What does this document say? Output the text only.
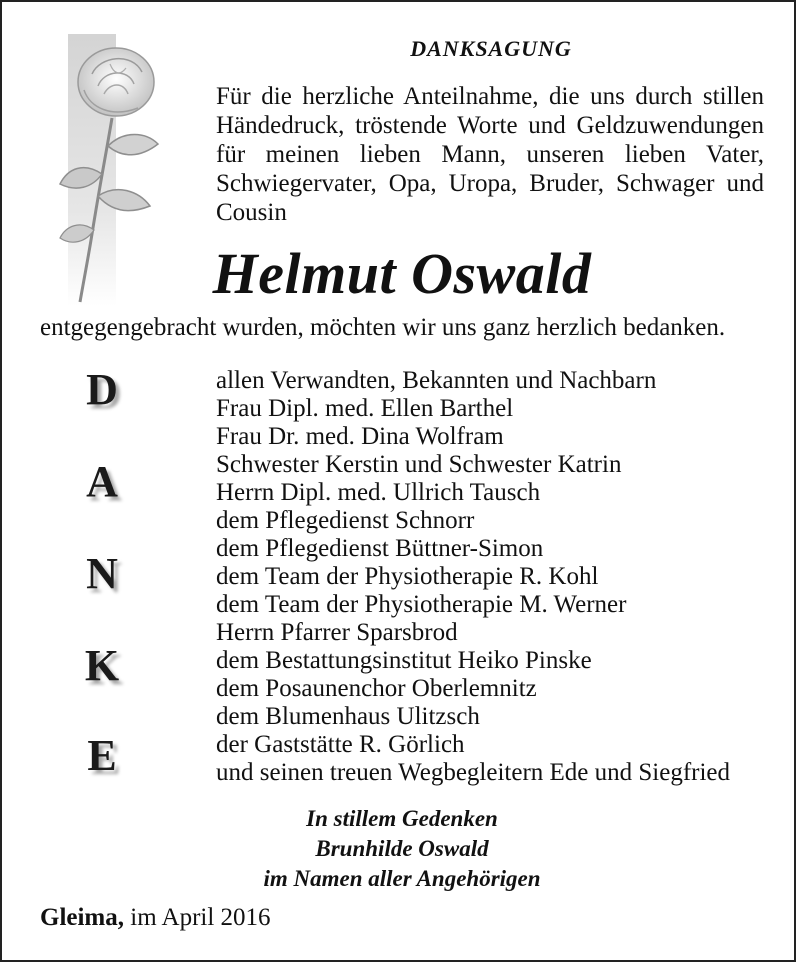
DANKSAGUNG
Für die herzliche Anteilnahme, die uns durch stillen Händedruck, tröstende Worte und Geldzuwendungen für meinen lieben Mann, unseren lieben Vater, Schwiegervater, Opa, Uropa, Bruder, Schwager und Cousin
Helmut Oswald
entgegengebracht wurden, möchten wir uns ganz herzlich bedanken.
D
A
N
K
E
allen Verwandten, Bekannten und Nachbarn
Frau Dipl. med. Ellen Barthel
Frau Dr. med. Dina Wolfram
Schwester Kerstin und Schwester Katrin
Herrn Dipl. med. Ullrich Tausch
dem Pflegedienst Schnorr
dem Pflegedienst Büttner-Simon
dem Team der Physiotherapie R. Kohl
dem Team der Physiotherapie M. Werner
Herrn Pfarrer Sparsbrod
dem Bestattungsinstitut Heiko Pinske
dem Posaunenchor Oberlemnitz
dem Blumenhaus Ulitzsch
der Gaststätte R. Görlich
und seinen treuen Wegbegleitern Ede und Siegfried
In stillem Gedenken
Brunhilde Oswald
im Namen aller Angehörigen
Gleima, im April 2016
